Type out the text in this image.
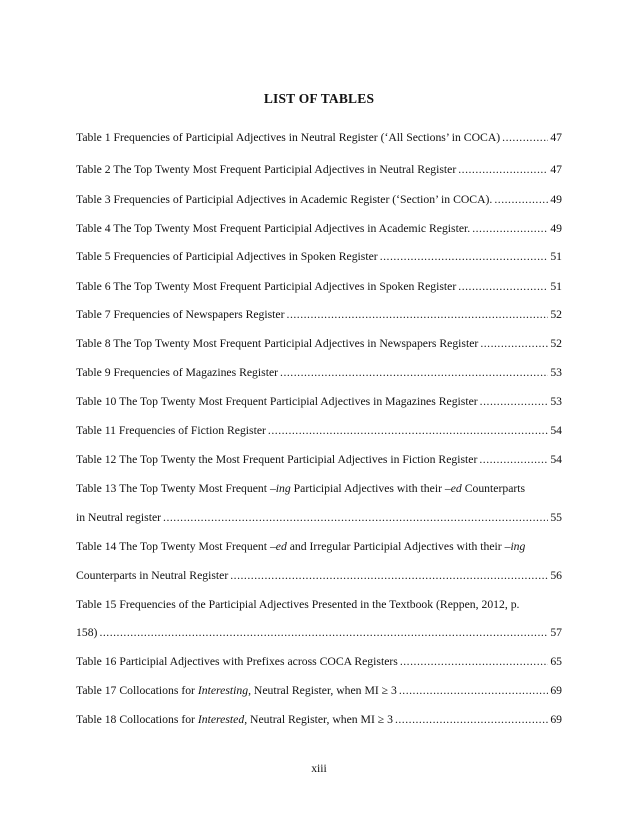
LIST OF TABLES
Table 1 Frequencies of Participial Adjectives in Neutral Register (‘All Sections’ in COCA) .....	47
Table 2 The Top Twenty Most Frequent Participial Adjectives in Neutral Register .....	47
Table 3 Frequencies of Participial Adjectives in Academic Register (‘Section’ in COCA). .....	49
Table 4 The Top Twenty Most Frequent Participial Adjectives in Academic Register. .....	49
Table 5 Frequencies of Participial Adjectives in Spoken Register .....	51
Table 6 The Top Twenty Most Frequent Participial Adjectives in Spoken Register .....	51
Table 7 Frequencies of Newspapers Register .....	52
Table 8 The Top Twenty Most Frequent Participial Adjectives in Newspapers Register .....	52
Table 9 Frequencies of Magazines Register .....	53
Table 10 The Top Twenty Most Frequent Participial Adjectives in Magazines Register .....	53
Table 11 Frequencies of Fiction Register .....	54
Table 12 The Top Twenty the Most Frequent Participial Adjectives in Fiction Register .....	54
Table 13 The Top Twenty Most Frequent –ing Participial Adjectives with their –ed Counterparts
in Neutral register .....	55
Table 14 The Top Twenty Most Frequent –ed and Irregular Participial Adjectives with their –ing
Counterparts in Neutral Register .....	56
Table 15 Frequencies of the Participial Adjectives Presented in the Textbook (Reppen, 2012, p.
158) .....	57
Table 16 Participial Adjectives with Prefixes across COCA Registers .....	65
Table 17 Collocations for Interesting, Neutral Register, when MI ≥ 3 .....	69
Table 18 Collocations for Interested, Neutral Register, when MI ≥ 3 .....	69
xiii
